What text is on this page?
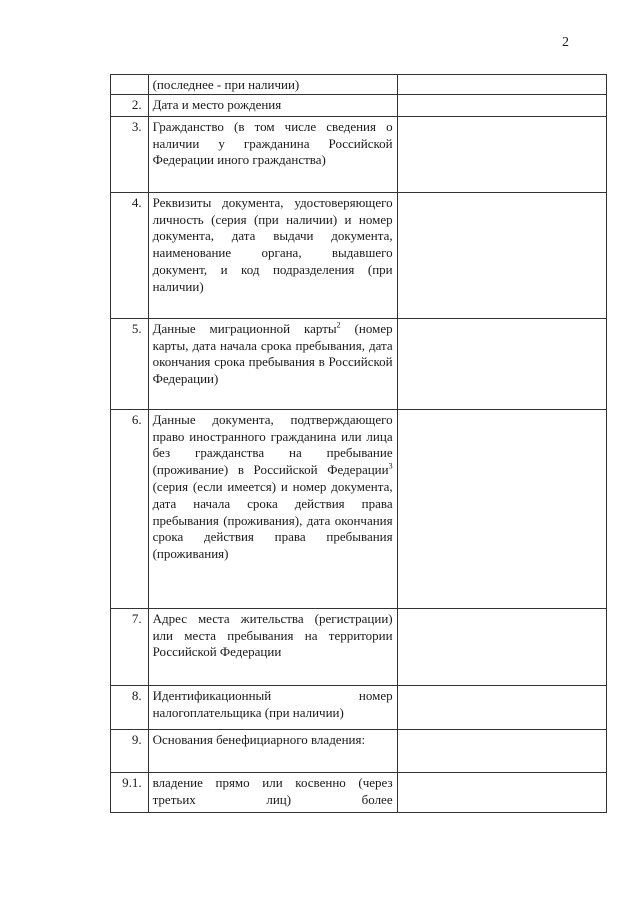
2
	(последнее - при наличии)	
2.	Дата и место рождения	
3.	Гражданство (в том числе сведения о наличии у гражданина Российской Федерации иного гражданства)	
4.	Реквизиты документа, удостоверяющего личность (серия (при наличии) и номер документа, дата выдачи документа, наименование органа, выдавшего документ, и код подразделения (при наличии)	
5.	Данные миграционной карты$^2$ (номер карты, дата начала срока пребывания, дата окончания срока пребывания в Российской Федерации)	
6.	Данные документа, подтверждающего право иностранного гражданина или лица без гражданства на пребывание (проживание) в Российской Федерации$^3$ (серия (если имеется) и номер документа, дата начала срока действия права пребывания (проживания), дата окончания срока действия права пребывания (проживания)	
7.	Адрес места жительства (регистрации) или места пребывания на территории Российской Федерации	
8.	Идентификационный номер налогоплательщика (при наличии)	
9.	Основания бенефициарного владения:	
9.1.	владение прямо или косвенно (через третьих лиц) более	
